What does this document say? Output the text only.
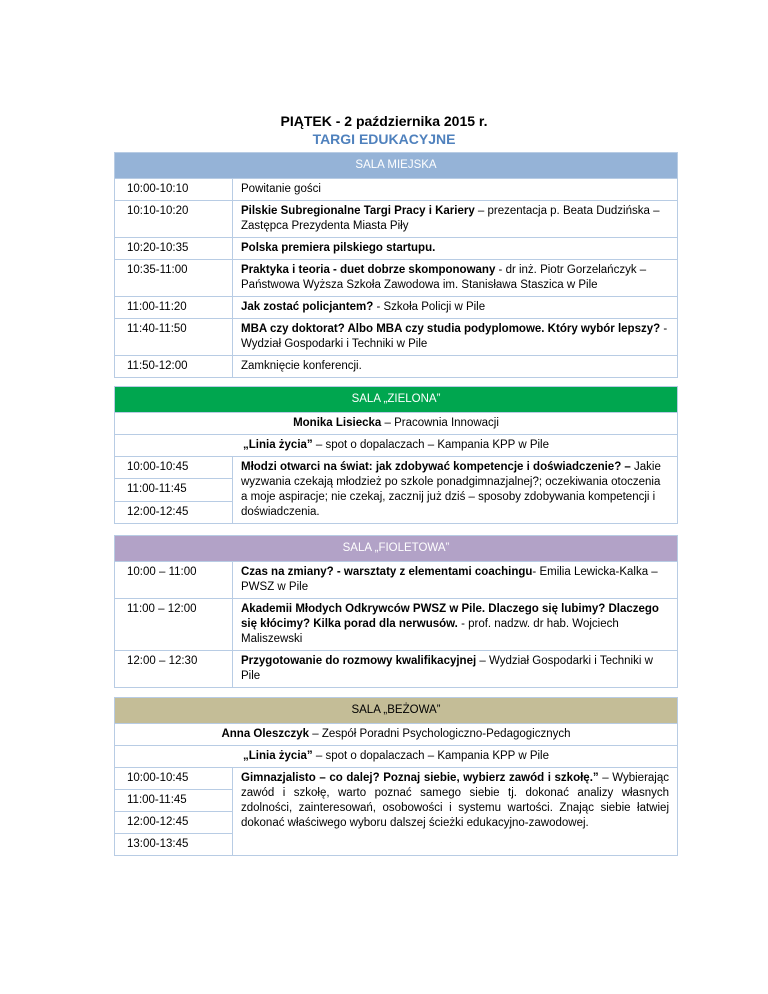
PIĄTEK - 2 października 2015 r.
TARGI EDUKACYJNE
SALA MIEJSKA	
10:00-10:10	Powitanie gości
10:10-10:20	Pilskie Subregionalne Targi Pracy i Kariery – prezentacja p. Beata Dudzińska – Zastępca Prezydenta Miasta Piły
10:20-10:35	Polska premiera pilskiego startupu.
10:35-11:00	Praktyka i teoria - duet dobrze skomponowany - dr inż. Piotr Gorzelańczyk – Państwowa Wyższa Szkoła Zawodowa im. Stanisława Staszica w Pile
11:00-11:20	Jak zostać policjantem? - Szkoła Policji w Pile
11:40-11:50	MBA czy doktorat? Albo MBA czy studia podyplomowe. Który wybór lepszy? - Wydział Gospodarki i Techniki w Pile
11:50-12:00	Zamknięcie konferencji.
SALA „ZIELONA”
Monika Lisiecka – Pracownia Innowacji
„Linia życia” – spot o dopalaczach – Kampania KPP w Pile
10:00-10:45	Młodzi otwarci na świat: jak zdobywać kompetencje i doświadczenie? – Jakie wyzwania czekają młodzież po szkole ponadgimnazjalnej?; oczekiwania otoczenia a moje aspiracje; nie czekaj, zacznij już dziś – sposoby zdobywania kompetencji i doświadczenia.
11:00-11:45
12:00-12:45
SALA „FIOLETOWA”	
10:00 – 11:00	Czas na zmiany? - warsztaty z elementami coachingu- Emilia Lewicka-Kalka – PWSZ w Pile
11:00 – 12:00	Akademii Młodych Odkrywców PWSZ w Pile. Dlaczego się lubimy? Dlaczego się kłócimy? Kilka porad dla nerwusów. - prof. nadzw. dr hab. Wojciech Maliszewski
12:00 – 12:30	Przygotowanie do rozmowy kwalifikacyjnej – Wydział Gospodarki i Techniki w Pile
SALA „BEŻOWA”
Anna Oleszczyk – Zespół Poradni Psychologiczno-Pedagogicznych
„Linia życia” – spot o dopalaczach – Kampania KPP w Pile
10:00-10:45	Gimnazjalisto – co dalej? Poznaj siebie, wybierz zawód i szkołę.” – Wybierając zawód i szkołę, warto poznać samego siebie tj. dokonać analizy własnych zdolności, zainteresowań, osobowości i systemu wartości. Znając siebie łatwiej dokonać właściwego wyboru dalszej ścieżki edukacyjno-zawodowej.
11:00-11:45
12:00-12:45
13:00-13:45
